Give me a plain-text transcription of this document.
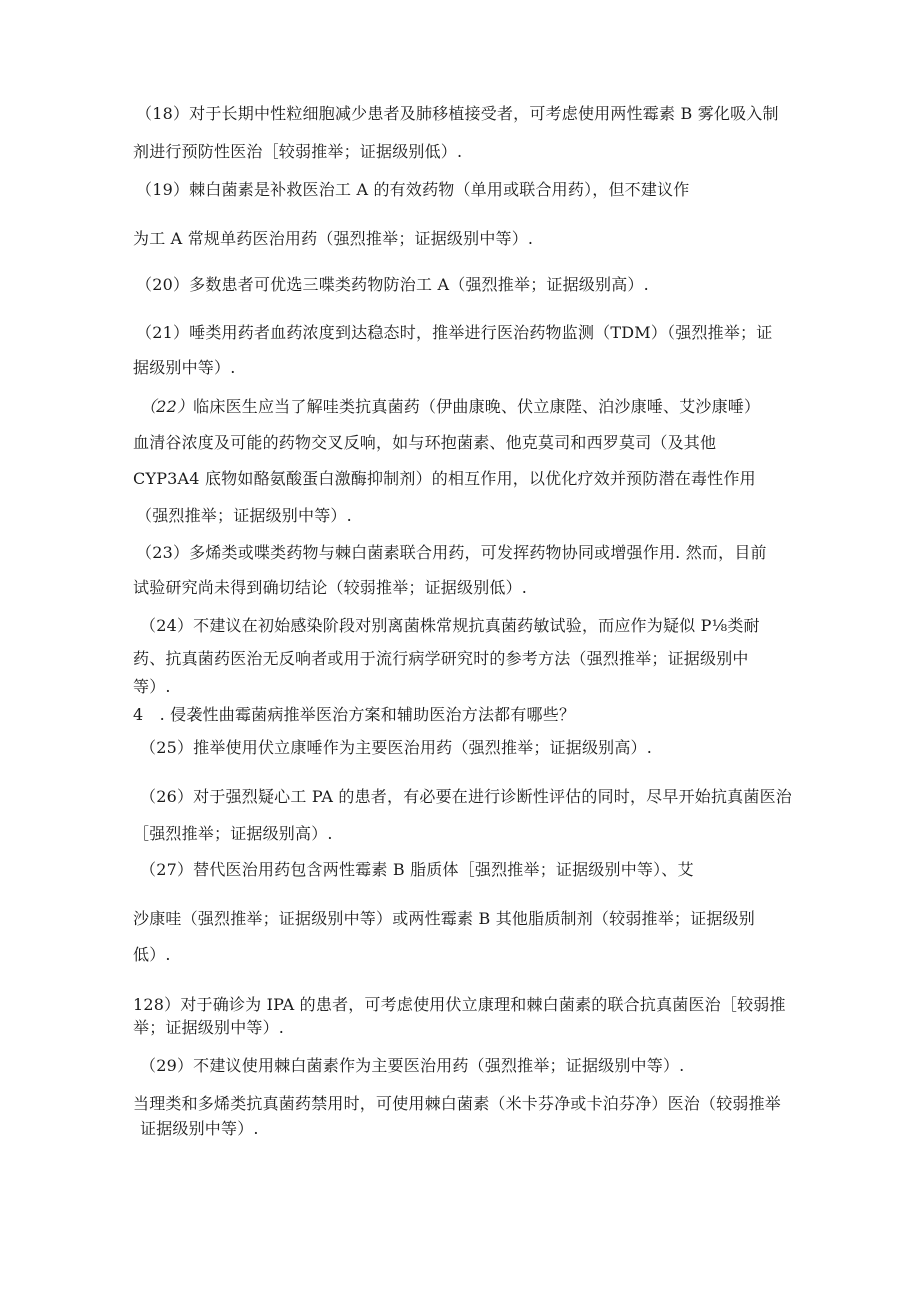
（18）对于长期中性粒细胞减少患者及肺移植接受者，可考虑使用两性霉素 B 雾化吸入制
剂进行预防性医治［较弱推举；证据级别低）.
（19）棘白菌素是补救医治工 A 的有效药物（单用或联合用药），但不建议作
为工 A 常规单药医治用药（强烈推举；证据级别中等）.
（20）多数患者可优选三喋类药物防治工 A（强烈推举；证据级别高）.
（21）唾类用药者血药浓度到达稳态时，推举进行医治药物监测（TDM）（强烈推举；证
据级别中等）.
（22）临床医生应当了解哇类抗真菌药（伊曲康晚、伏立康陛、泊沙康唾、艾沙康唾）
血清谷浓度及可能的药物交叉反响，如与环抱菌素、他克莫司和西罗莫司（及其他
CYP3A4 底物如酪氨酸蛋白激酶抑制剂）的相互作用，以优化疗效并预防潜在毒性作用
（强烈推举；证据级别中等）.
（23）多烯类或喋类药物与棘白菌素联合用药，可发挥药物协同或增强作用. 然而，目前
试验研究尚未得到确切结论（较弱推举；证据级别低）.
（24）不建议在初始感染阶段对别离菌株常规抗真菌药敏试验，而应作为疑似 P⅛类耐
药、抗真菌药医治无反响者或用于流行病学研究时的参考方法（强烈推举；证据级别中
等）.
4　. 侵袭性曲霉菌病推举医治方案和辅助医治方法都有哪些？
（25）推举使用伏立康唾作为主要医治用药（强烈推举；证据级别高）.
（26）对于强烈疑心工 PA 的患者，有必要在进行诊断性评估的同时，尽早开始抗真菌医治
［强烈推举；证据级别高）.
（27）替代医治用药包含两性霉素 B 脂质体［强烈推举；证据级别中等）、艾
沙康哇（强烈推举；证据级别中等）或两性霉素 B 其他脂质制剂（较弱推举；证据级别
低）.
128）对于确诊为 IPA 的患者，可考虑使用伏立康理和棘白菌素的联合抗真菌医治［较弱推
举；证据级别中等）.
（29）不建议使用棘白菌素作为主要医治用药（强烈推举；证据级别中等）.
当理类和多烯类抗真菌药禁用时，可使用棘白菌素（米卡芬净或卡泊芬净）医治（较弱推举
证据级别中等）.
